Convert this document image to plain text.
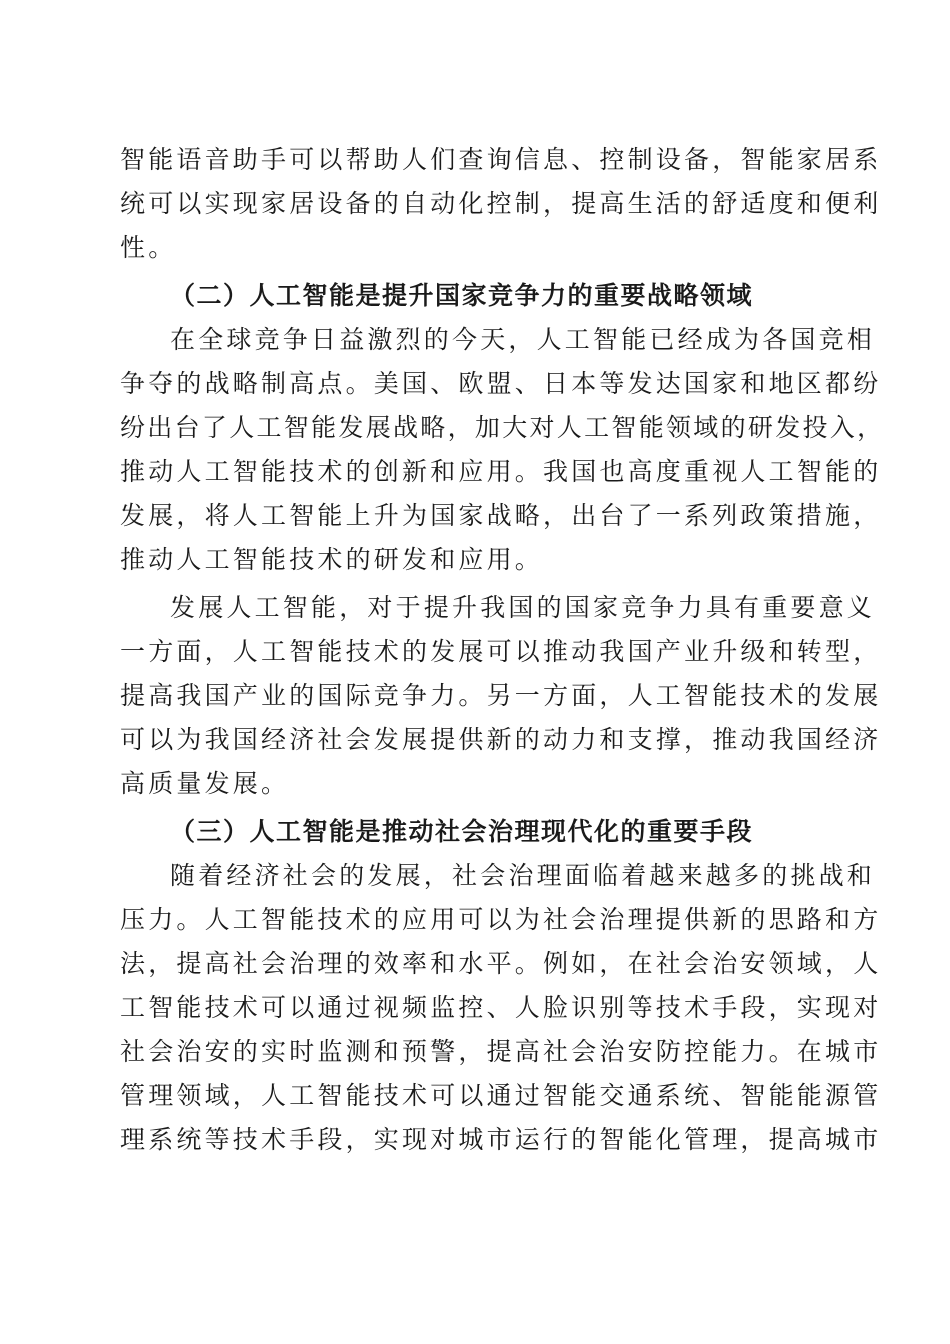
智能语音助手可以帮助人们查询信息、控制设备，智能家居系
统可以实现家居设备的自动化控制，提高生活的舒适度和便利
性。
（二）人工智能是提升国家竞争力的重要战略领域
在全球竞争日益激烈的今天，人工智能已经成为各国竞相
争夺的战略制高点。美国、欧盟、日本等发达国家和地区都纷
纷出台了人工智能发展战略，加大对人工智能领域的研发投入，
推动人工智能技术的创新和应用。我国也高度重视人工智能的
发展，将人工智能上升为国家战略，出台了一系列政策措施，
推动人工智能技术的研发和应用。
发展人工智能，对于提升我国的国家竞争力具有重要意义
一方面，人工智能技术的发展可以推动我国产业升级和转型，
提高我国产业的国际竞争力。另一方面，人工智能技术的发展
可以为我国经济社会发展提供新的动力和支撑，推动我国经济
高质量发展。
（三）人工智能是推动社会治理现代化的重要手段
随着经济社会的发展，社会治理面临着越来越多的挑战和
压力。人工智能技术的应用可以为社会治理提供新的思路和方
法，提高社会治理的效率和水平。例如，在社会治安领域，人
工智能技术可以通过视频监控、人脸识别等技术手段，实现对
社会治安的实时监测和预警，提高社会治安防控能力。在城市
管理领域，人工智能技术可以通过智能交通系统、智能能源管
理系统等技术手段，实现对城市运行的智能化管理，提高城市
